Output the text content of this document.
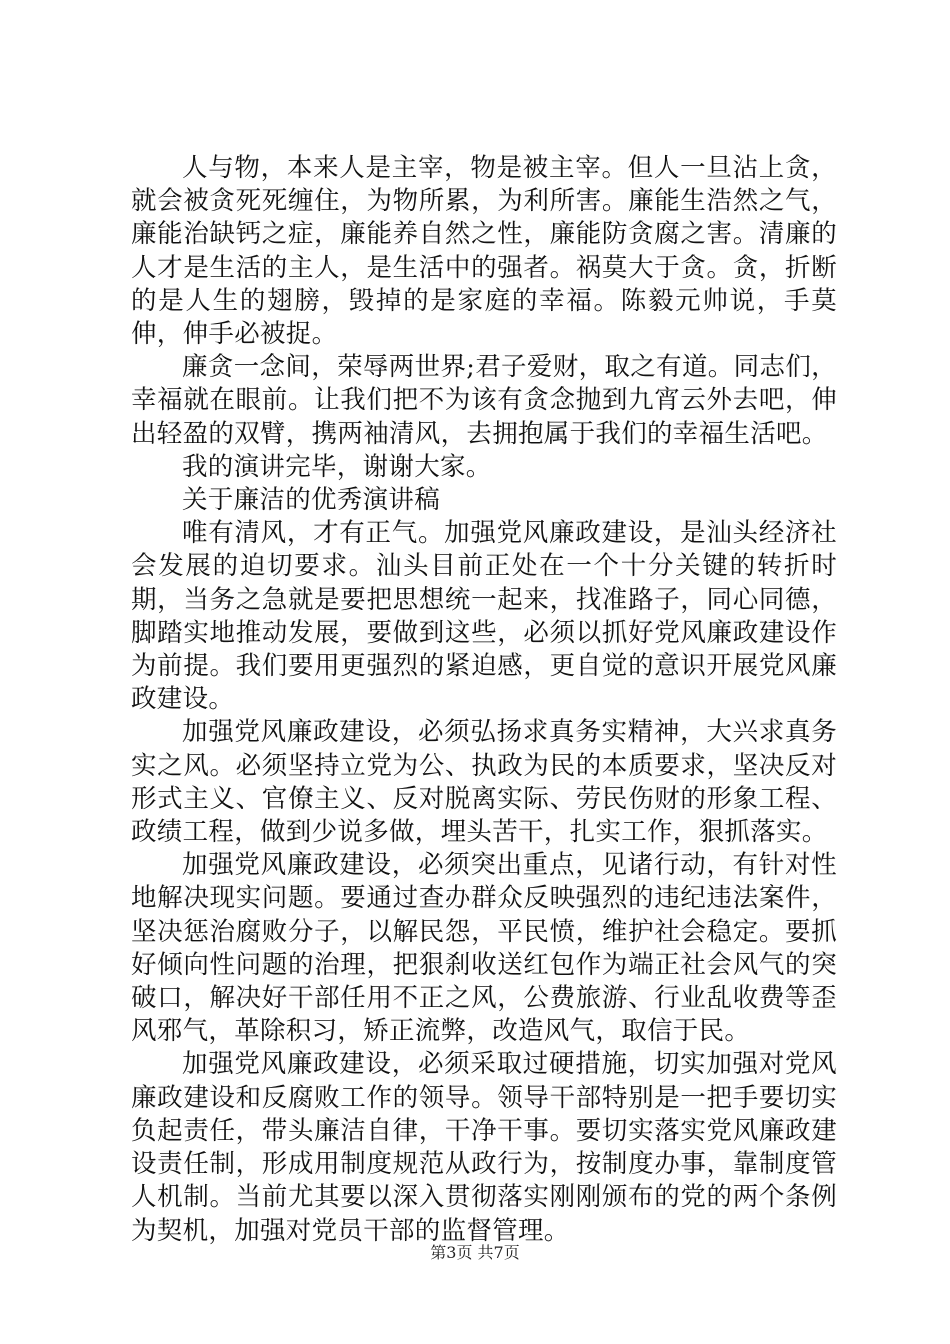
人与物，本来人是主宰，物是被主宰。但人一旦沾上贪，就会被贪死死缠住，为物所累，为利所害。廉能生浩然之气，廉能治缺钙之症，廉能养自然之性，廉能防贪腐之害。清廉的人才是生活的主人，是生活中的强者。祸莫大于贪。贪，折断的是人生的翅膀，毁掉的是家庭的幸福。陈毅元帅说，手莫伸，伸手必被捉。

廉贪一念间，荣辱两世界;君子爱财，取之有道。同志们，幸福就在眼前。让我们把不为该有贪念抛到九宵云外去吧，伸出轻盈的双臂，携两袖清风，去拥抱属于我们的幸福生活吧。

我的演讲完毕，谢谢大家。

关于廉洁的优秀演讲稿

唯有清风，才有正气。加强党风廉政建设，是汕头经济社会发展的迫切要求。汕头目前正处在一个十分关键的转折时期，当务之急就是要把思想统一起来，找准路子，同心同德，脚踏实地推动发展，要做到这些，必须以抓好党风廉政建设作为前提。我们要用更强烈的紧迫感，更自觉的意识开展党风廉政建设。

加强党风廉政建设，必须弘扬求真务实精神，大兴求真务实之风。必须坚持立党为公、执政为民的本质要求，坚决反对形式主义、官僚主义、反对脱离实际、劳民伤财的形象工程、政绩工程，做到少说多做，埋头苦干，扎实工作，狠抓落实。

加强党风廉政建设，必须突出重点，见诸行动，有针对性地解决现实问题。要通过查办群众反映强烈的违纪违法案件，坚决惩治腐败分子，以解民怨，平民愤，维护社会稳定。要抓好倾向性问题的治理，把狠刹收送红包作为端正社会风气的突破口，解决好干部任用不正之风，公费旅游、行业乱收费等歪风邪气，革除积习，矫正流弊，改造风气，取信于民。

加强党风廉政建设，必须采取过硬措施，切实加强对党风廉政建设和反腐败工作的领导。领导干部特别是一把手要切实负起责任，带头廉洁自律，干净干事。要切实落实党风廉政建设责任制，形成用制度规范从政行为，按制度办事，靠制度管人机制。当前尤其要以深入贯彻落实刚刚颁布的党的两个条例为契机，加强对党员干部的监督管理。

第3页 共7页
